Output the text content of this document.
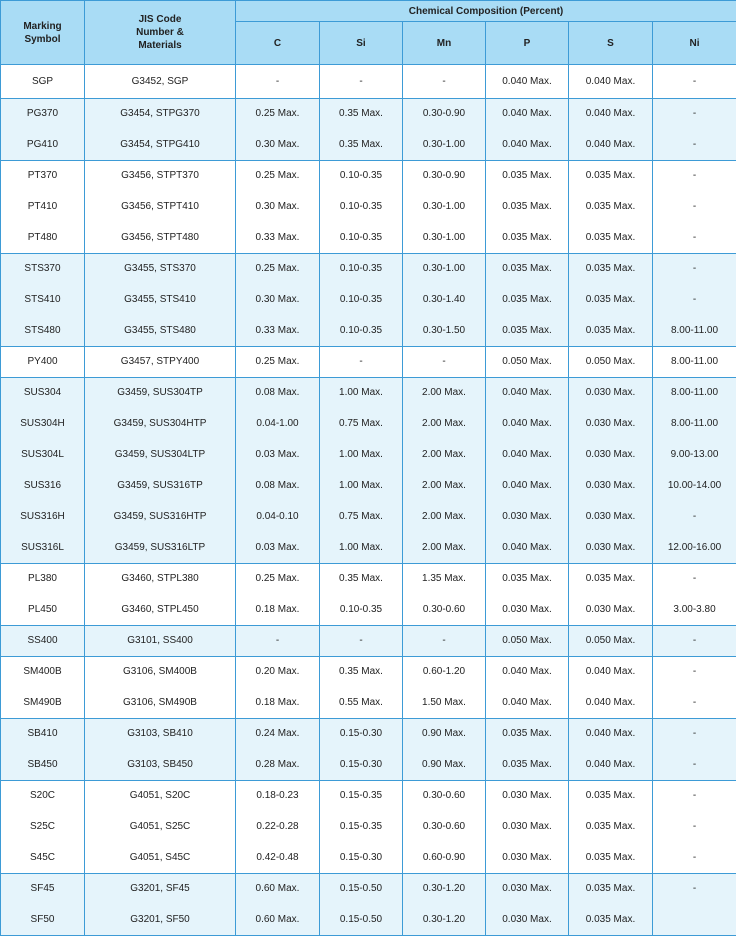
Marking
Symbol	JIS Code
Number &
Materials	Chemical Composition (Percent)					
		C	Si	Mn	P	S	Ni
SGP	G3452, SGP	-	-	-	0.040 Max.	0.040 Max.	-
PG370	G3454, STPG370	0.25 Max.	0.35 Max.	0.30-0.90	0.040 Max.	0.040 Max.	-
PG410	G3454, STPG410	0.30 Max.	0.35 Max.	0.30-1.00	0.040 Max.	0.040 Max.	-
PT370	G3456, STPT370	0.25 Max.	0.10-0.35	0.30-0.90	0.035 Max.	0.035 Max.	-
PT410	G3456, STPT410	0.30 Max.	0.10-0.35	0.30-1.00	0.035 Max.	0.035 Max.	-
PT480	G3456, STPT480	0.33 Max.	0.10-0.35	0.30-1.00	0.035 Max.	0.035 Max.	-
STS370	G3455, STS370	0.25 Max.	0.10-0.35	0.30-1.00	0.035 Max.	0.035 Max.	-
STS410	G3455, STS410	0.30 Max.	0.10-0.35	0.30-1.40	0.035 Max.	0.035 Max.	-
STS480	G3455, STS480	0.33 Max.	0.10-0.35	0.30-1.50	0.035 Max.	0.035 Max.	8.00-11.00
PY400	G3457, STPY400	0.25 Max.	-	-	0.050 Max.	0.050 Max.	8.00-11.00
SUS304	G3459, SUS304TP	0.08 Max.	1.00 Max.	2.00 Max.	0.040 Max.	0.030 Max.	8.00-11.00
SUS304H	G3459, SUS304HTP	0.04-1.00	0.75 Max.	2.00 Max.	0.040 Max.	0.030 Max.	8.00-11.00
SUS304L	G3459, SUS304LTP	0.03 Max.	1.00 Max.	2.00 Max.	0.040 Max.	0.030 Max.	9.00-13.00
SUS316	G3459, SUS316TP	0.08 Max.	1.00 Max.	2.00 Max.	0.040 Max.	0.030 Max.	10.00-14.00
SUS316H	G3459, SUS316HTP	0.04-0.10	0.75 Max.	2.00 Max.	0.030 Max.	0.030 Max.	-
SUS316L	G3459, SUS316LTP	0.03 Max.	1.00 Max.	2.00 Max.	0.040 Max.	0.030 Max.	12.00-16.00
PL380	G3460, STPL380	0.25 Max.	0.35 Max.	1.35 Max.	0.035 Max.	0.035 Max.	-
PL450	G3460, STPL450	0.18 Max.	0.10-0.35	0.30-0.60	0.030 Max.	0.030 Max.	3.00-3.80
SS400	G3101, SS400	-	-	-	0.050 Max.	0.050 Max.	-
SM400B	G3106, SM400B	0.20 Max.	0.35 Max.	0.60-1.20	0.040 Max.	0.040 Max.	-
SM490B	G3106, SM490B	0.18 Max.	0.55 Max.	1.50 Max.	0.040 Max.	0.040 Max.	-
SB410	G3103, SB410	0.24 Max.	0.15-0.30	0.90 Max.	0.035 Max.	0.040 Max.	-
SB450	G3103, SB450	0.28 Max.	0.15-0.30	0.90 Max.	0.035 Max.	0.040 Max.	-
S20C	G4051, S20C	0.18-0.23	0.15-0.35	0.30-0.60	0.030 Max.	0.035 Max.	-
S25C	G4051, S25C	0.22-0.28	0.15-0.35	0.30-0.60	0.030 Max.	0.035 Max.	-
S45C	G4051, S45C	0.42-0.48	0.15-0.30	0.60-0.90	0.030 Max.	0.035 Max.	-
SF45	G3201, SF45	0.60 Max.	0.15-0.50	0.30-1.20	0.030 Max.	0.035 Max.	-
SF50	G3201, SF50	0.60 Max.	0.15-0.50	0.30-1.20	0.030 Max.	0.035 Max.	
